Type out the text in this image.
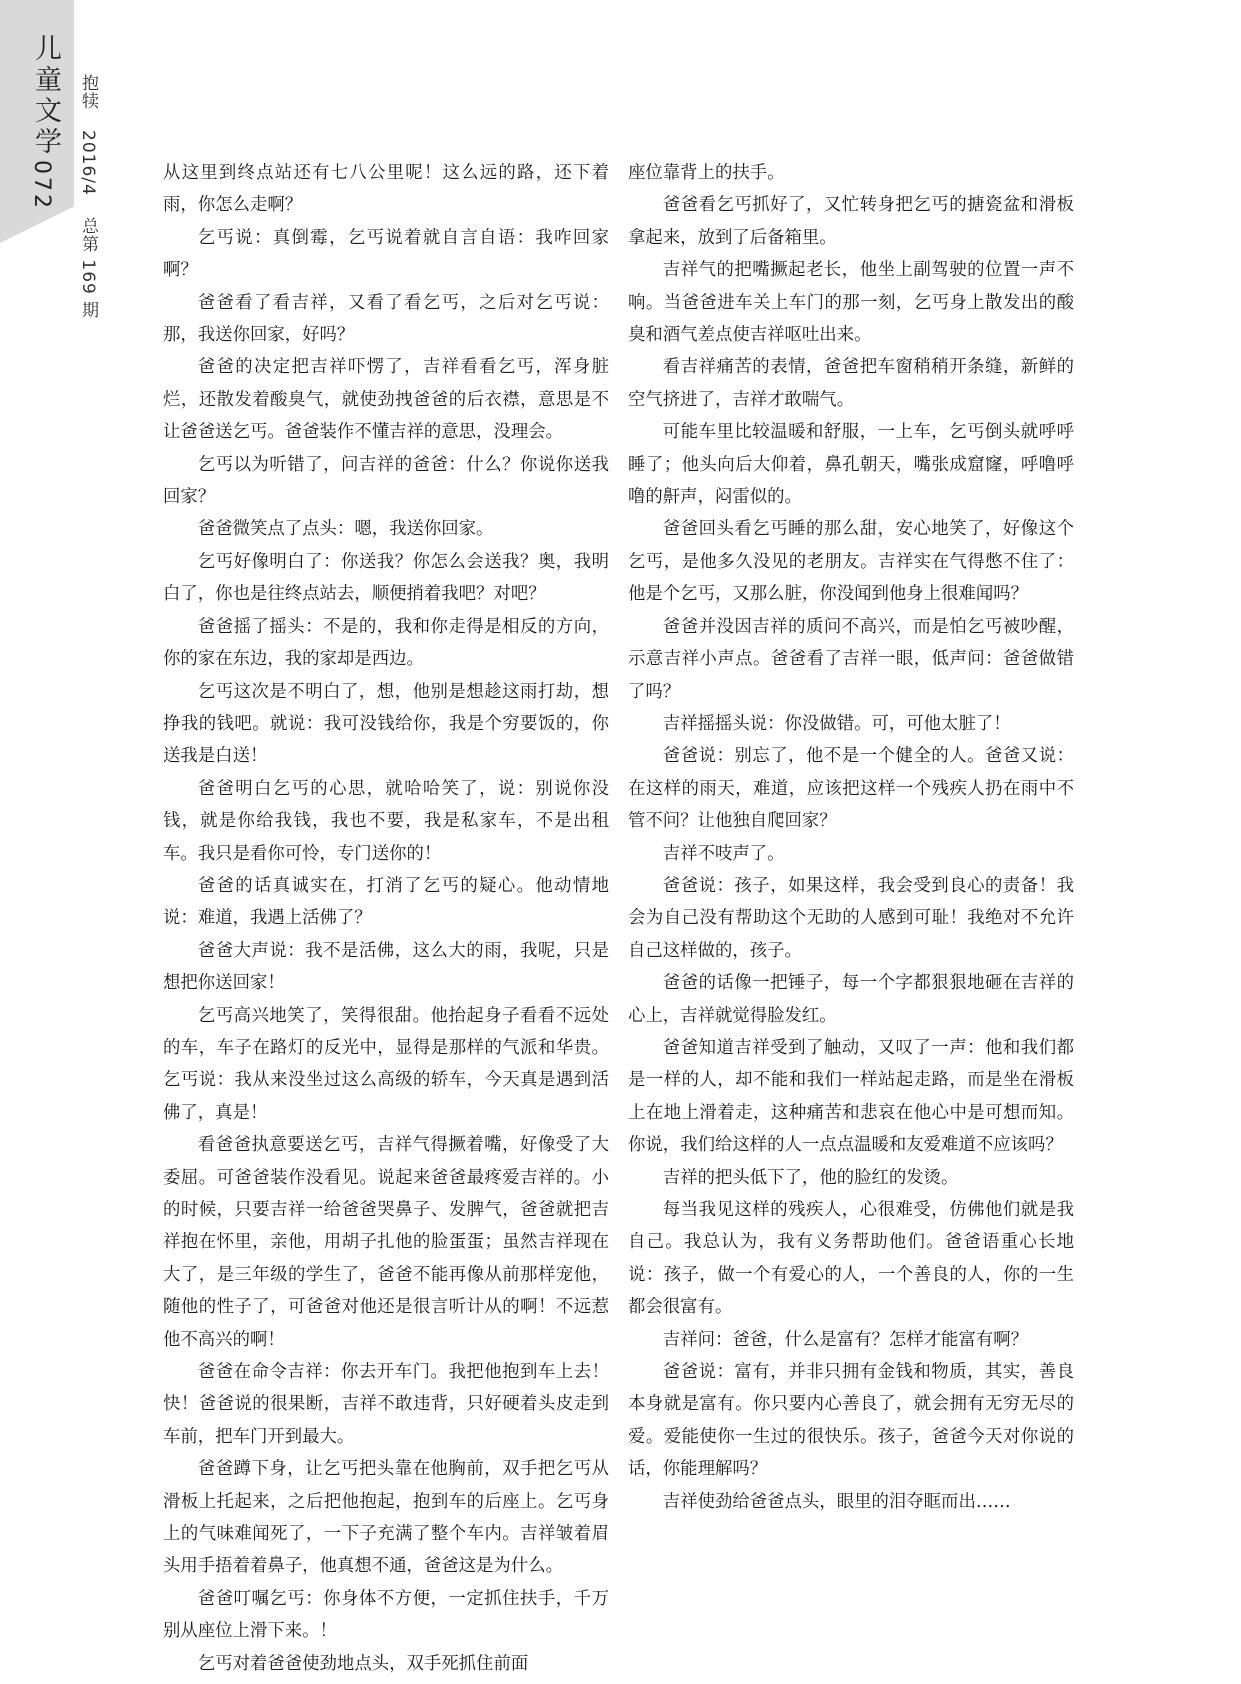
儿童文学
072
抱犊 2016/4 总第 169 期

从这里到终点站还有七八公里呢！这么远的路，还下着雨，你怎么走啊？

乞丐说：真倒霉，乞丐说着就自言自语：我咋回家啊？

爸爸看了看吉祥，又看了看乞丐，之后对乞丐说：那，我送你回家，好吗？

爸爸的决定把吉祥吓愣了，吉祥看看乞丐，浑身脏烂，还散发着酸臭气，就使劲拽爸爸的后衣襟，意思是不让爸爸送乞丐。爸爸装作不懂吉祥的意思，没理会。

乞丐以为听错了，问吉祥的爸爸：什么？你说你送我回家？

爸爸微笑点了点头：嗯，我送你回家。

乞丐好像明白了：你送我？你怎么会送我？奥，我明白了，你也是往终点站去，顺便捎着我吧？对吧？

爸爸摇了摇头：不是的，我和你走得是相反的方向，你的家在东边，我的家却是西边。

乞丐这次是不明白了，想，他别是想趁这雨打劫，想挣我的钱吧。就说：我可没钱给你，我是个穷要饭的，你送我是白送！

爸爸明白乞丐的心思，就哈哈笑了，说：别说你没钱，就是你给我钱，我也不要，我是私家车，不是出租车。我只是看你可怜，专门送你的！

爸爸的话真诚实在，打消了乞丐的疑心。他动情地说：难道，我遇上活佛了？

爸爸大声说：我不是活佛，这么大的雨，我呢，只是想把你送回家！

乞丐高兴地笑了，笑得很甜。他抬起身子看看不远处的车，车子在路灯的反光中，显得是那样的气派和华贵。乞丐说：我从来没坐过这么高级的轿车，今天真是遇到活佛了，真是！

看爸爸执意要送乞丐，吉祥气得撅着嘴，好像受了大委屈。可爸爸装作没看见。说起来爸爸最疼爱吉祥的。小的时候，只要吉祥一给爸爸哭鼻子、发脾气，爸爸就把吉祥抱在怀里，亲他，用胡子扎他的脸蛋蛋；虽然吉祥现在大了，是三年级的学生了，爸爸不能再像从前那样宠他，随他的性子了，可爸爸对他还是很言听计从的啊！不远惹他不高兴的啊！

爸爸在命令吉祥：你去开车门。我把他抱到车上去！快！爸爸说的很果断，吉祥不敢违背，只好硬着头皮走到车前，把车门开到最大。

爸爸蹲下身，让乞丐把头靠在他胸前，双手把乞丐从滑板上托起来，之后把他抱起，抱到车的后座上。乞丐身上的气味难闻死了，一下子充满了整个车内。吉祥皱着眉头用手捂着着鼻子，他真想不通，爸爸这是为什么。

爸爸叮嘱乞丐：你身体不方便，一定抓住扶手，千万别从座位上滑下来。！

乞丐对着爸爸使劲地点头，双手死抓住前面

座位靠背上的扶手。

爸爸看乞丐抓好了，又忙转身把乞丐的搪瓷盆和滑板拿起来，放到了后备箱里。

吉祥气的把嘴撅起老长，他坐上副驾驶的位置一声不响。当爸爸进车关上车门的那一刻，乞丐身上散发出的酸臭和酒气差点使吉祥呕吐出来。

看吉祥痛苦的表情，爸爸把车窗稍稍开条缝，新鲜的空气挤进了，吉祥才敢喘气。

可能车里比较温暖和舒服，一上车，乞丐倒头就呼呼睡了；他头向后大仰着，鼻孔朝天，嘴张成窟窿，呼噜呼噜的鼾声，闷雷似的。

爸爸回头看乞丐睡的那么甜，安心地笑了，好像这个乞丐，是他多久没见的老朋友。吉祥实在气得憋不住了：他是个乞丐，又那么脏，你没闻到他身上很难闻吗？

爸爸并没因吉祥的质问不高兴，而是怕乞丐被吵醒，示意吉祥小声点。爸爸看了吉祥一眼，低声问：爸爸做错了吗？

吉祥摇摇头说：你没做错。可，可他太脏了！

爸爸说：别忘了，他不是一个健全的人。爸爸又说：在这样的雨天，难道，应该把这样一个残疾人扔在雨中不管不问？让他独自爬回家？

吉祥不吱声了。

爸爸说：孩子，如果这样，我会受到良心的责备！我会为自己没有帮助这个无助的人感到可耻！我绝对不允许自己这样做的，孩子。

爸爸的话像一把锤子，每一个字都狠狠地砸在吉祥的心上，吉祥就觉得脸发红。

爸爸知道吉祥受到了触动，又叹了一声：他和我们都是一样的人，却不能和我们一样站起走路，而是坐在滑板上在地上滑着走，这种痛苦和悲哀在他心中是可想而知。你说，我们给这样的人一点点温暖和友爱难道不应该吗？

吉祥的把头低下了，他的脸红的发烫。

每当我见这样的残疾人，心很难受，仿佛他们就是我自己。我总认为，我有义务帮助他们。爸爸语重心长地说：孩子，做一个有爱心的人，一个善良的人，你的一生都会很富有。

吉祥问：爸爸，什么是富有？怎样才能富有啊？

爸爸说：富有，并非只拥有金钱和物质，其实，善良本身就是富有。你只要内心善良了，就会拥有无穷无尽的爱。爱能使你一生过的很快乐。孩子，爸爸今天对你说的话，你能理解吗？

吉祥使劲给爸爸点头，眼里的泪夺眶而出……
